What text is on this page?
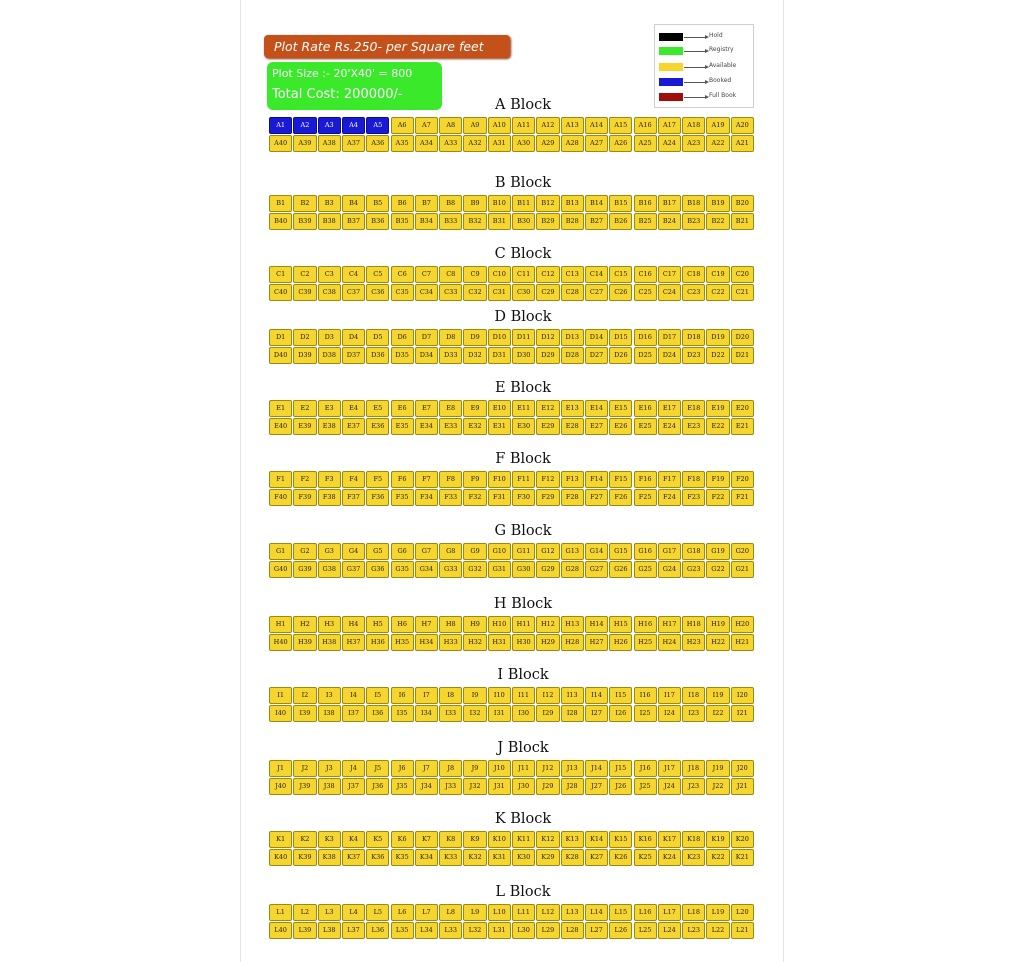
Plot Rate Rs.250- per Square feet
Plot Size :- 20'X40' = 800
Total Cost: 200000/-
Hold
Registry
Available
Booked
Full Book
A Block
A1	A2	A3	A4	A5	A6	A7	A8	A9	A10	A11	A12	A13	A14	A15	A16	A17	A18	A19	A20
A40	A39	A38	A37	A36	A35	A34	A33	A32	A31	A30	A29	A28	A27	A26	A25	A24	A23	A22	A21
B Block
B1	B2	B3	B4	B5	B6	B7	B8	B9	B10	B11	B12	B13	B14	B15	B16	B17	B18	B19	B20
B40	B39	B38	B37	B36	B35	B34	B33	B32	B31	B30	B29	B28	B27	B26	B25	B24	B23	B22	B21
C Block
C1	C2	C3	C4	C5	C6	C7	C8	C9	C10	C11	C12	C13	C14	C15	C16	C17	C18	C19	C20
C40	C39	C38	C37	C36	C35	C34	C33	C32	C31	C30	C29	C28	C27	C26	C25	C24	C23	C22	C21
D Block
D1	D2	D3	D4	D5	D6	D7	D8	D9	D10	D11	D12	D13	D14	D15	D16	D17	D18	D19	D20
D40	D39	D38	D37	D36	D35	D34	D33	D32	D31	D30	D29	D28	D27	D26	D25	D24	D23	D22	D21
E Block
E1	E2	E3	E4	E5	E6	E7	E8	E9	E10	E11	E12	E13	E14	E15	E16	E17	E18	E19	E20
E40	E39	E38	E37	E36	E35	E34	E33	E32	E31	E30	E29	E28	E27	E26	E25	E24	E23	E22	E21
F Block
F1	F2	F3	F4	F5	F6	F7	F8	F9	F10	F11	F12	F13	F14	F15	F16	F17	F18	F19	F20
F40	F39	F38	F37	F36	F35	F34	F33	F32	F31	F30	F29	F28	F27	F26	F25	F24	F23	F22	F21
G Block
G1	G2	G3	G4	G5	G6	G7	G8	G9	G10	G11	G12	G13	G14	G15	G16	G17	G18	G19	G20
G40	G39	G38	G37	G36	G35	G34	G33	G32	G31	G30	G29	G28	G27	G26	G25	G24	G23	G22	G21
H Block
H1	H2	H3	H4	H5	H6	H7	H8	H9	H10	H11	H12	H13	H14	H15	H16	H17	H18	H19	H20
H40	H39	H38	H37	H36	H35	H34	H33	H32	H31	H30	H29	H28	H27	H26	H25	H24	H23	H22	H21
I Block
I1	I2	I3	I4	I5	I6	I7	I8	I9	I10	I11	I12	I13	I14	I15	I16	I17	I18	I19	I20
I40	I39	I38	I37	I36	I35	I34	I33	I32	I31	I30	I29	I28	I27	I26	I25	I24	I23	I22	I21
J Block
J1	J2	J3	J4	J5	J6	J7	J8	J9	J10	J11	J12	J13	J14	J15	J16	J17	J18	J19	J20
J40	J39	J38	J37	J36	J35	J34	J33	J32	J31	J30	J29	J28	J27	J26	J25	J24	J23	J22	J21
K Block
K1	K2	K3	K4	K5	K6	K7	K8	K9	K10	K11	K12	K13	K14	K15	K16	K17	K18	K19	K20
K40	K39	K38	K37	K36	K35	K34	K33	K32	K31	K30	K29	K28	K27	K26	K25	K24	K23	K22	K21
L Block
L1	L2	L3	L4	L5	L6	L7	L8	L9	L10	L11	L12	L13	L14	L15	L16	L17	L18	L19	L20
L40	L39	L38	L37	L36	L35	L34	L33	L32	L31	L30	L29	L28	L27	L26	L25	L24	L23	L22	L21
